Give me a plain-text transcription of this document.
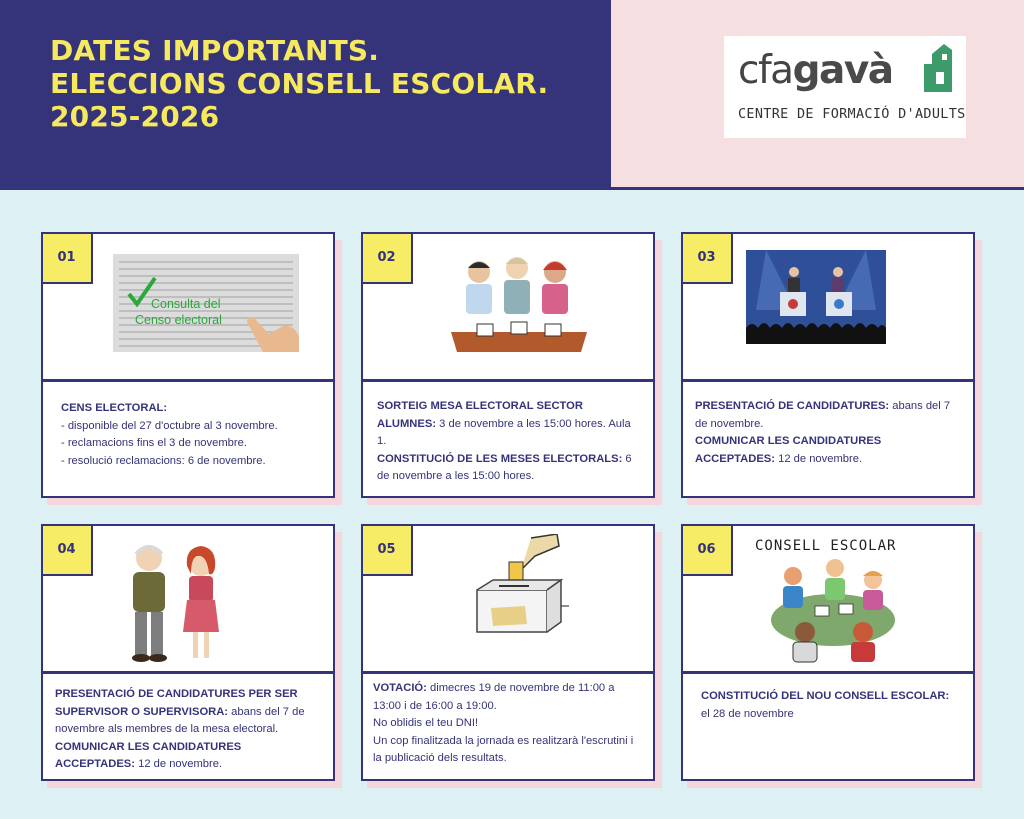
DATES IMPORTANTS.
ELECCIONS CONSELL ESCOLAR.
2025-2026
cfagavà
CENTRE DE FORMACIÓ D'ADULTS
01
Consulta del
Censo electoral

CENS ELECTORAL:

- disponible del 27 d'octubre al 3 novembre.

- reclamacions fins el 3 de novembre.

- resolució reclamacions: 6 de novembre.

02

SORTEIG MESA ELECTORAL SECTOR ALUMNES: 3 de novembre a les 15:00 hores. Aula 1.

CONSTITUCIÓ DE LES MESES ELECTORALS: 6 de novembre a les 15:00 hores.

03

PRESENTACIÓ DE CANDIDATURES: abans del 7 de novembre.

COMUNICAR LES CANDIDATURES ACCEPTADES: 12 de novembre.

04

PRESENTACIÓ DE CANDIDATURES PER SER SUPERVISOR O SUPERVISORA: abans del 7 de novembre als membres de la mesa electoral.

COMUNICAR LES CANDIDATURES ACCEPTADES: 12 de novembre.

05

VOTACIÓ: dimecres 19 de novembre de 11:00 a 13:00 i de 16:00 a 19:00.

No oblidis el teu DNI!

Un cop finalitzada la jornada es realitzarà l'escrutini i la publicació dels resultats.

06	CONSELL ESCOLAR

CONSTITUCIÓ DEL NOU CONSELL ESCOLAR: el 28 de novembre
